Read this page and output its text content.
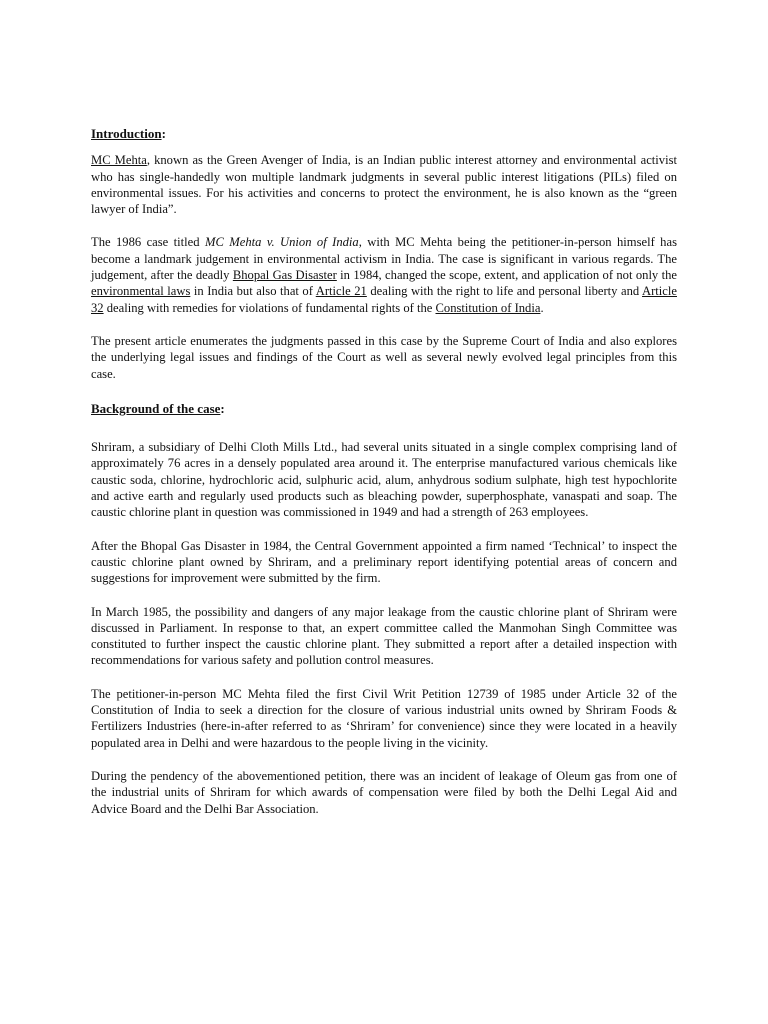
Introduction:

MC Mehta, known as the Green Avenger of India, is an Indian public interest attorney and environmental activist who has single-handedly won multiple landmark judgments in several public interest litigations (PILs) filed on environmental issues. For his activities and concerns to protect the environment, he is also known as the “green lawyer of India”.

The 1986 case titled MC Mehta v. Union of India, with MC Mehta being the petitioner-in-person himself has become a landmark judgement in environmental activism in India. The case is significant in various regards. The judgement, after the deadly Bhopal Gas Disaster in 1984, changed the scope, extent, and application of not only the environmental laws in India but also that of Article 21 dealing with the right to life and personal liberty and Article 32 dealing with remedies for violations of fundamental rights of the Constitution of India.

The present article enumerates the judgments passed in this case by the Supreme Court of India and also explores the underlying legal issues and findings of the Court as well as several newly evolved legal principles from this case.

Background of the case:

Shriram, a subsidiary of Delhi Cloth Mills Ltd., had several units situated in a single complex comprising land of approximately 76 acres in a densely populated area around it. The enterprise manufactured various chemicals like caustic soda, chlorine, hydrochloric acid, sulphuric acid, alum, anhydrous sodium sulphate, high test hypochlorite and active earth and regularly used products such as bleaching powder, superphosphate, vanaspati and soap. The caustic chlorine plant in question was commissioned in 1949 and had a strength of 263 employees.

After the Bhopal Gas Disaster in 1984, the Central Government appointed a firm named ‘Technical’ to inspect the caustic chlorine plant owned by Shriram, and a preliminary report identifying potential areas of concern and suggestions for improvement were submitted by the firm.

In March 1985, the possibility and dangers of any major leakage from the caustic chlorine plant of Shriram were discussed in Parliament. In response to that, an expert committee called the Manmohan Singh Committee was constituted to further inspect the caustic chlorine plant. They submitted a report after a detailed inspection with recommendations for various safety and pollution control measures.

The petitioner-in-person MC Mehta filed the first Civil Writ Petition 12739 of 1985 under Article 32 of the Constitution of India to seek a direction for the closure of various industrial units owned by Shriram Foods & Fertilizers Industries (here-in-after referred to as ‘Shriram’ for convenience) since they were located in a heavily populated area in Delhi and were hazardous to the people living in the vicinity.

During the pendency of the abovementioned petition, there was an incident of leakage of Oleum gas from one of the industrial units of Shriram for which awards of compensation were filed by both the Delhi Legal Aid and Advice Board and the Delhi Bar Association.
